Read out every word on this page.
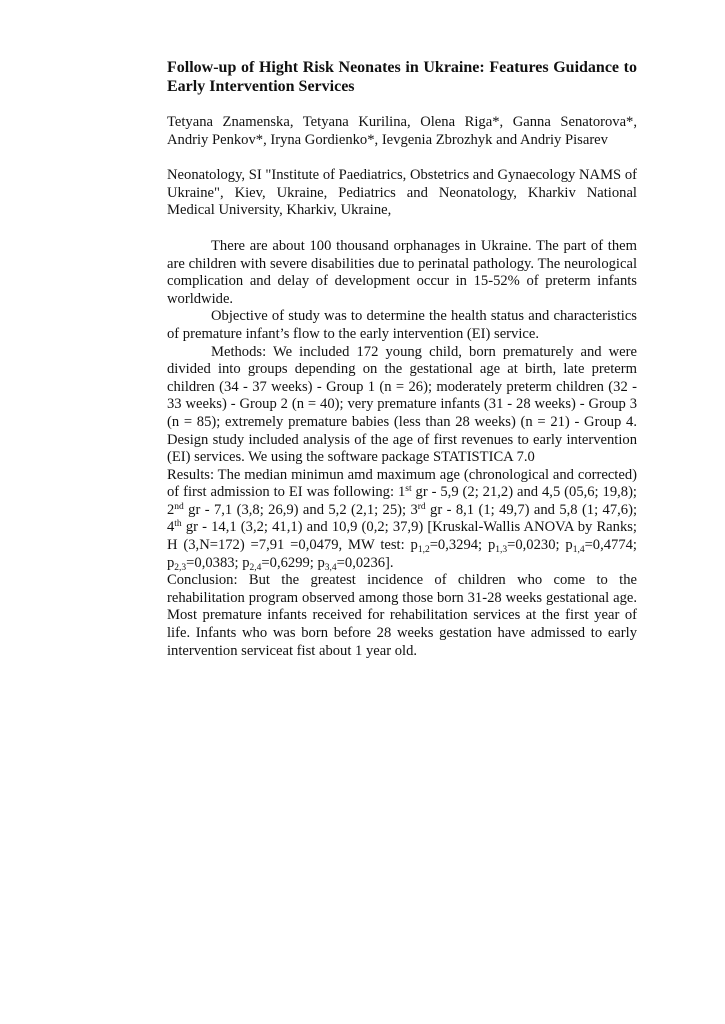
Follow-up of Hight Risk Neonates in Ukraine: Features Guidance to Early Intervention Services
Tetyana Znamenska, Tetyana Kurilina, Olena Riga*, Ganna Senatorova*, Andriy Penkov*, Iryna Gordienko*, Ievgenia Zbrozhyk and Andriy Pisarev
Neonatology, SI "Institute of Paediatrics, Obstetrics and Gynaecology NAMS of Ukraine", Kiev, Ukraine, Pediatrics and Neonatology, Kharkiv National Medical University, Kharkiv, Ukraine,

There are about 100 thousand orphanages in Ukraine. The part of them are children with severe disabilities due to perinatal pathology. The neurological complication and delay of development occur in 15-52% of preterm infants worldwide.

Objective of study was to determine the health status and characteristics of premature infant’s flow to the early intervention (EI) service.

Methods: We included 172 young child, born prematurely and were divided into groups depending on the gestational age at birth, late preterm children (34 - 37 weeks) - Group 1 (n = 26); moderately preterm children (32 - 33 weeks) - Group 2 (n = 40); very premature infants (31 - 28 weeks) - Group 3 (n = 85); extremely premature babies (less than 28 weeks) (n = 21) - Group 4. Design study included analysis of the age of first revenues to early intervention (EI) services. We using the software package STATISTICA 7.0

Results: The median minimun amd maximum age (chronological and corrected) of first admission to EI was following: 1st gr - 5,9 (2; 21,2) and 4,5 (05,6; 19,8); 2nd gr - 7,1 (3,8; 26,9) and 5,2 (2,1; 25); 3rd gr - 8,1 (1; 49,7) and 5,8 (1; 47,6); 4th gr - 14,1 (3,2; 41,1) and 10,9 (0,2; 37,9) [Kruskal-Wallis ANOVA by Ranks; H (3,N=172) =7,91 =0,0479, MW test: $p_{1,2}=0,3294$; $p_{1,3}=0,0230$; $p_{1,4}=0,4774$; $p_{2,3}=0,0383$; $p_{2,4}=0,6299$; $p_{3,4}=0,0236$].

Conclusion: But the greatest incidence of children who come to the rehabilitation program observed among those born 31-28 weeks gestational age. Most premature infants received for rehabilitation services at the first year of life. Infants who was born before 28 weeks gestation have admissed to early intervention serviceat fist about 1 year old.
